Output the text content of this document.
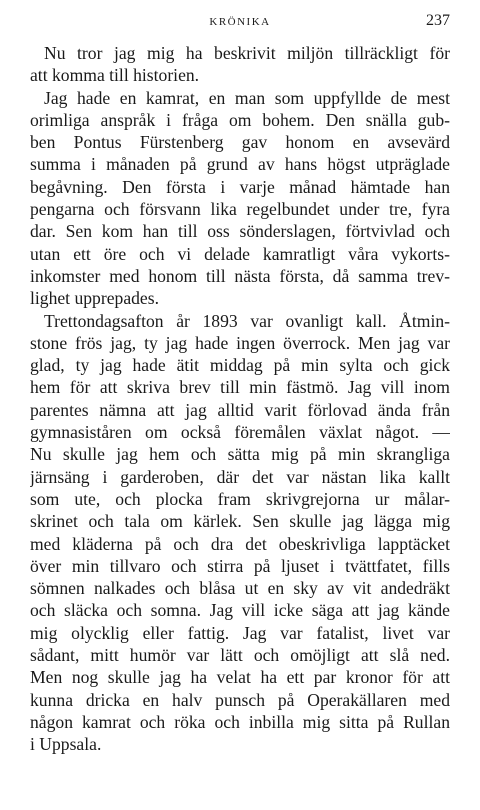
KRÖNIKA	237
Nu tror jag mig ha beskrivit miljön tillräckligt för
att komma till historien.
Jag hade en kamrat, en man som uppfyllde de mest
orimliga anspråk i fråga om bohem. Den snälla gub-
ben Pontus Fürstenberg gav honom en avsevärd
summa i månaden på grund av hans högst utpräglade
begåvning. Den första i varje månad hämtade han
pengarna och försvann lika regelbundet under tre, fyra
dar. Sen kom han till oss sönderslagen, förtvivlad och
utan ett öre och vi delade kamratligt våra vykorts-
inkomster med honom till nästa första, då samma trev-
lighet upprepades.
Trettondagsafton år 1893 var ovanligt kall. Åtmin-
stone frös jag, ty jag hade ingen överrock. Men jag var
glad, ty jag hade ätit middag på min sylta och gick
hem för att skriva brev till min fästmö. Jag vill inom
parentes nämna att jag alltid varit förlovad ända från
gymnasiståren om också föremålen växlat något. —
Nu skulle jag hem och sätta mig på min skrangliga
järnsäng i garderoben, där det var nästan lika kallt
som ute, och plocka fram skrivgrejorna ur målar-
skrinet och tala om kärlek. Sen skulle jag lägga mig
med kläderna på och dra det obeskrivliga lapptäcket
över min tillvaro och stirra på ljuset i tvättfatet, fills
sömnen nalkades och blåsa ut en sky av vit andedräkt
och släcka och somna. Jag vill icke säga att jag kände
mig olycklig eller fattig. Jag var fatalist, livet var
sådant, mitt humör var lätt och omöjligt att slå ned.
Men nog skulle jag ha velat ha ett par kronor för att
kunna dricka en halv punsch på Operakällaren med
någon kamrat och röka och inbilla mig sitta på Rullan
i Uppsala.
